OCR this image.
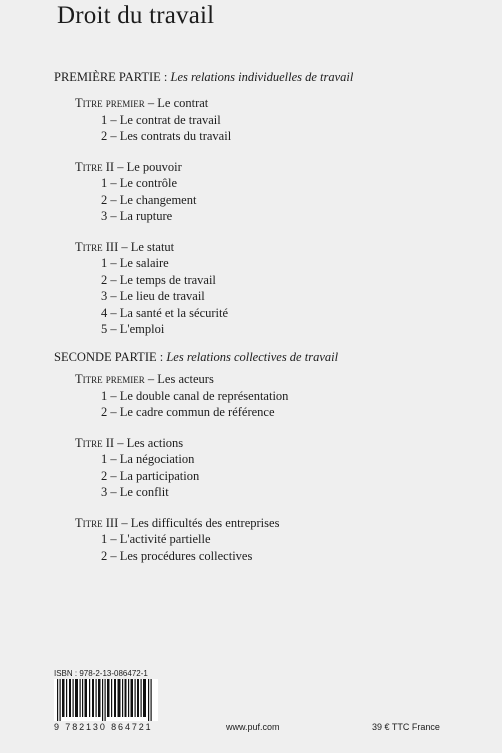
Droit du travail
PREMIÈRE PARTIE : Les relations individuelles de travail
Titre premier – Le contrat
1 – Le contrat de travail
2 – Les contrats du travail
Titre II – Le pouvoir
1 – Le contrôle
2 – Le changement
3 – La rupture
Titre III – Le statut
1 – Le salaire
2 – Le temps de travail
3 – Le lieu de travail
4 – La santé et la sécurité
5 – L'emploi
SECONDE PARTIE : Les relations collectives de travail
Titre premier – Les acteurs
1 – Le double canal de représentation
2 – Le cadre commun de référence
Titre II – Les actions
1 – La négociation
2 – La participation
3 – Le conflit
Titre III – Les difficultés des entreprises
1 – L'activité partielle
2 – Les procédures collectives
ISBN : 978-2-13-086472-1
9 782130 864721	www.puf.com	39 € TTC France
